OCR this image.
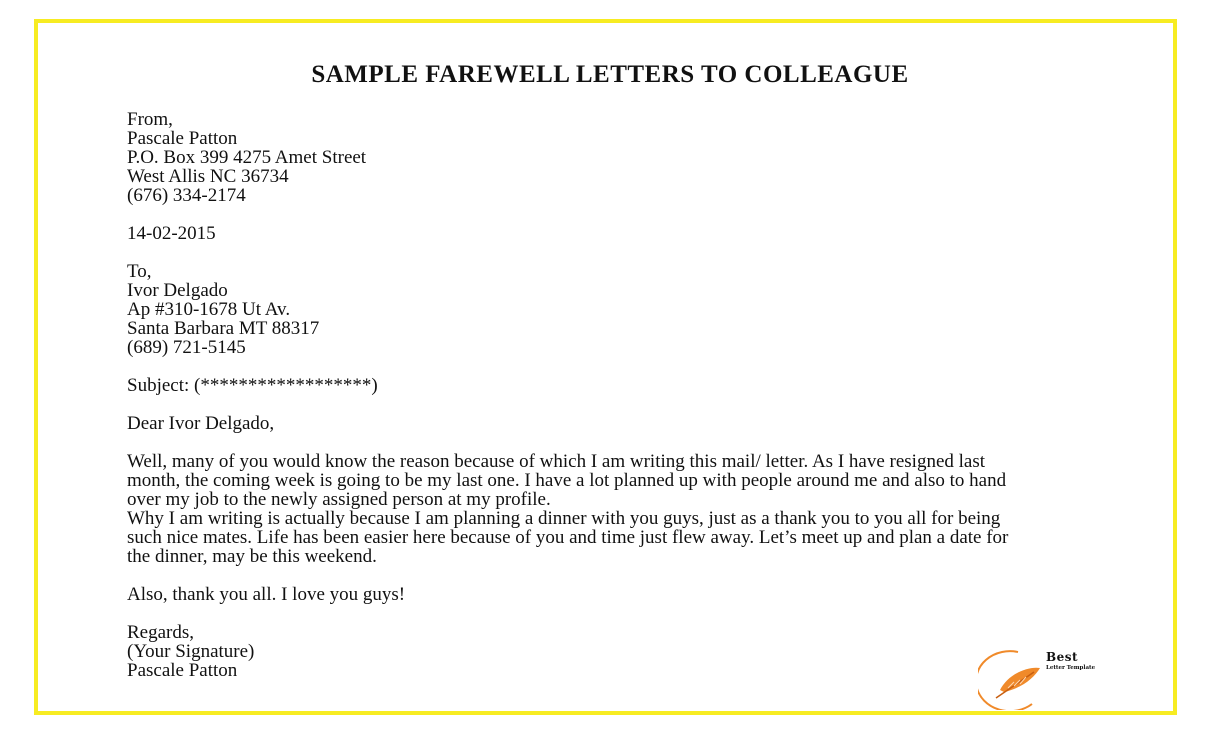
SAMPLE FAREWELL LETTERS TO COLLEAGUE
From,
Pascale Patton
P.O. Box 399 4275 Amet Street
West Allis NC 36734
(676) 334-2174
14-02-2015
To,
Ivor Delgado
Ap #310-1678 Ut Av.
Santa Barbara MT 88317
(689) 721-5145
Subject: (******************)
Dear Ivor Delgado,
Well, many of you would know the reason because of which I am writing this mail/ letter. As I have resigned last month, the coming week is going to be my last one. I have a lot planned up with people around me and also to hand over my job to the newly assigned person at my profile.
Why I am writing is actually because I am planning a dinner with you guys, just as a thank you to you all for being such nice mates. Life has been easier here because of you and time just flew away. Let’s meet up and plan a date for the dinner, may be this weekend.
Also, thank you all. I love you guys!
Regards,
(Your Signature)
Pascale Patton
Best
Letter Template
